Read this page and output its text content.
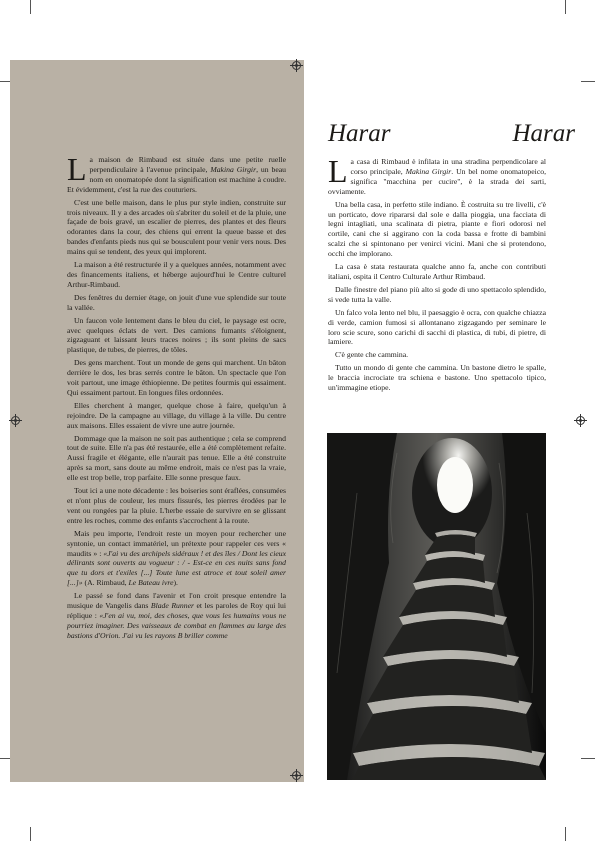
Harar
Harar

La maison de Rimbaud est située dans une petite ruelle perpendiculaire à l'avenue principale, Makina Girgir, un beau nom en onomatopée dont la signification est machine à coudre. Et évidemment, c'est la rue des couturiers.

C'est une belle maison, dans le plus pur style indien, construite sur trois niveaux. Il y a des arcades où s'abriter du soleil et de la pluie, une façade de bois gravé, un escalier de pierres, des plantes et des fleurs odorantes dans la cour, des chiens qui errent la queue basse et des bandes d'enfants pieds nus qui se bousculent pour venir vers nous. Des mains qui se tendent, des yeux qui implorent.

La maison a été restructurée il y a quelques années, notamment avec des financements italiens, et héberge aujourd'hui le Centre culturel Arthur-Rimbaud.

Des fenêtres du dernier étage, on jouit d'une vue splendide sur toute la vallée.

Un faucon vole lentement dans le bleu du ciel, le paysage est ocre, avec quelques éclats de vert. Des camions fumants s'éloignent, zigzaguant et laissant leurs traces noires ; ils sont pleins de sacs plastique, de tubes, de pierres, de tôles.

Des gens marchent. Tout un monde de gens qui marchent. Un bâton derrière le dos, les bras serrés contre le bâton. Un spectacle que l'on voit partout, une image éthiopienne. De petites fourmis qui essaiment. Qui essaiment partout. En longues files ordonnées.

Elles cherchent à manger, quelque chose à faire, quelqu'un à rejoindre. De la campagne au village, du village à la ville. Du centre aux maisons. Elles essaient de vivre une autre journée.

Dommage que la maison ne soit pas authentique ; cela se comprend tout de suite. Elle n'a pas été restaurée, elle a été complètement refaite. Aussi fragile et élégante, elle n'aurait pas tenue. Elle a été construite après sa mort, sans doute au même endroit, mais ce n'est pas la vraie, elle est trop belle, trop parfaite. Elle sonne presque faux.

Tout ici a une note décadente : les boiseries sont éraflées, consumées et n'ont plus de couleur, les murs fissurés, les pierres érodées par le vent ou rongées par la pluie. L'herbe essaie de survivre en se glissant entre les roches, comme des enfants s'accrochent à la route.

Mais peu importe, l'endroit reste un moyen pour rechercher une syntonie, un contact immatériel, un prétexte pour rappeler ces vers « maudits » : «J'ai vu des archipels sidéraux ! et des îles / Dont les cieux délirants sont ouverts au vogueur : / - Est-ce en ces nuits sans fond que tu dors et t'exiles [...] Toute lune est atroce et tout soleil amer [...]» (A. Rimbaud, Le Bateau ivre).

Le passé se fond dans l'avenir et l'on croit presque entendre la musique de Vangelis dans Blade Runner et les paroles de Roy qui lui réplique : «J'en ai vu, moi, des choses, que vous les humains vous ne pourriez imaginer. Des vaisseaux de combat en flammes au large des bastions d'Orion. J'ai vu les rayons B briller comme

La casa di Rimbaud è infilata in una stradina perpendicolare al corso principale, Makina Girgir. Un bel nome onomatopeico, significa "macchina per cucire", è la strada dei sarti, ovviamente.

Una bella casa, in perfetto stile indiano. È costruita su tre livelli, c'è un porticato, dove ripararsi dal sole e dalla pioggia, una facciata di legni intagliati, una scalinata di pietra, piante e fiori odorosi nel cortile, cani che si aggirano con la coda bassa e frotte di bambini scalzi che si spintonano per venirci vicini. Mani che si protendono, occhi che implorano.

La casa è stata restaurata qualche anno fa, anche con contributi italiani, ospita il Centro Culturale Arthur Rimbaud.

Dalle finestre del piano più alto si gode di uno spettacolo splendido, si vede tutta la valle.

Un falco vola lento nel blu, il paesaggio è ocra, con qualche chiazza di verde, camion fumosi si allontanano zigzagando per seminare le loro scie scure, sono carichi di sacchi di plastica, di tubi, di pietre, di lamiere.

C'è gente che cammina.

Tutto un mondo di gente che cammina. Un bastone dietro le spalle, le braccia incrociate tra schiena e bastone. Uno spettacolo tipico, un'immagine etiope.
